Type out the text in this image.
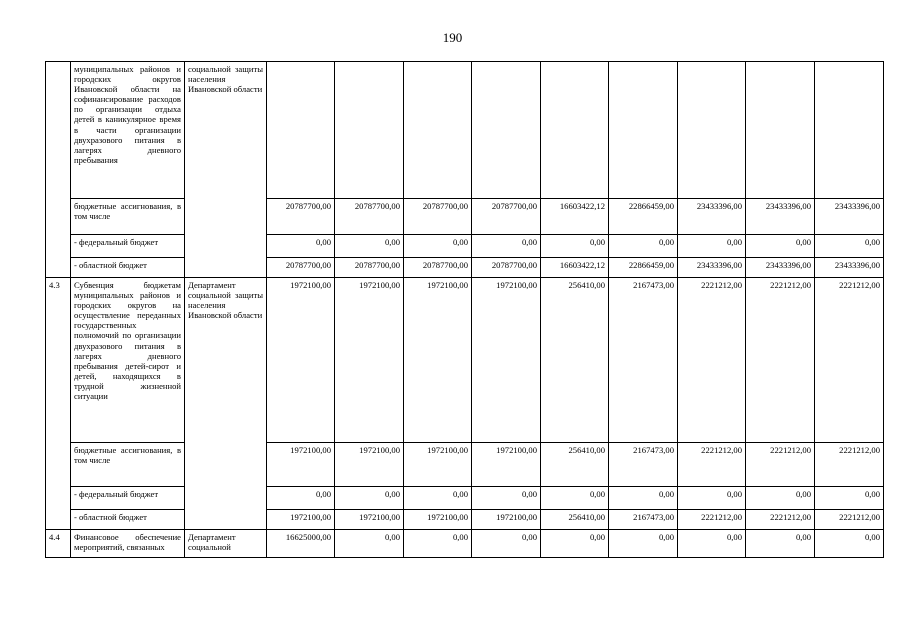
190
	муниципальных районов и городских округов Ивановской области на софинансирование расходов по организации отдыха детей в каникулярное время в части организации двухразового питания в лагерях дневного пребывания	социальной защиты населения Ивановской области									
	бюджетные ассигнования, в том числе		20787700,00	20787700,00	20787700,00	20787700,00	16603422,12	22866459,00	23433396,00	23433396,00	23433396,00
	- федеральный бюджет		0,00	0,00	0,00	0,00	0,00	0,00	0,00	0,00	0,00
	- областной бюджет		20787700,00	20787700,00	20787700,00	20787700,00	16603422,12	22866459,00	23433396,00	23433396,00	23433396,00
4.3	Субвенция бюджетам муниципальных районов и городских округов на осуществление переданных государственных полномочий по организации двухразового питания в лагерях дневного пребывания детей-сирот и детей, находящихся в трудной жизненной ситуации	Департамент социальной защиты населения Ивановской области	1972100,00	1972100,00	1972100,00	1972100,00	256410,00	2167473,00	2221212,00	2221212,00	2221212,00
	бюджетные ассигнования, в том числе		1972100,00	1972100,00	1972100,00	1972100,00	256410,00	2167473,00	2221212,00	2221212,00	2221212,00
	- федеральный бюджет		0,00	0,00	0,00	0,00	0,00	0,00	0,00	0,00	0,00
	- областной бюджет		1972100,00	1972100,00	1972100,00	1972100,00	256410,00	2167473,00	2221212,00	2221212,00	2221212,00
4.4	Финансовое обеспечение мероприятий, связанных	Департамент социальной	16625000,00	0,00	0,00	0,00	0,00	0,00	0,00	0,00	0,00
